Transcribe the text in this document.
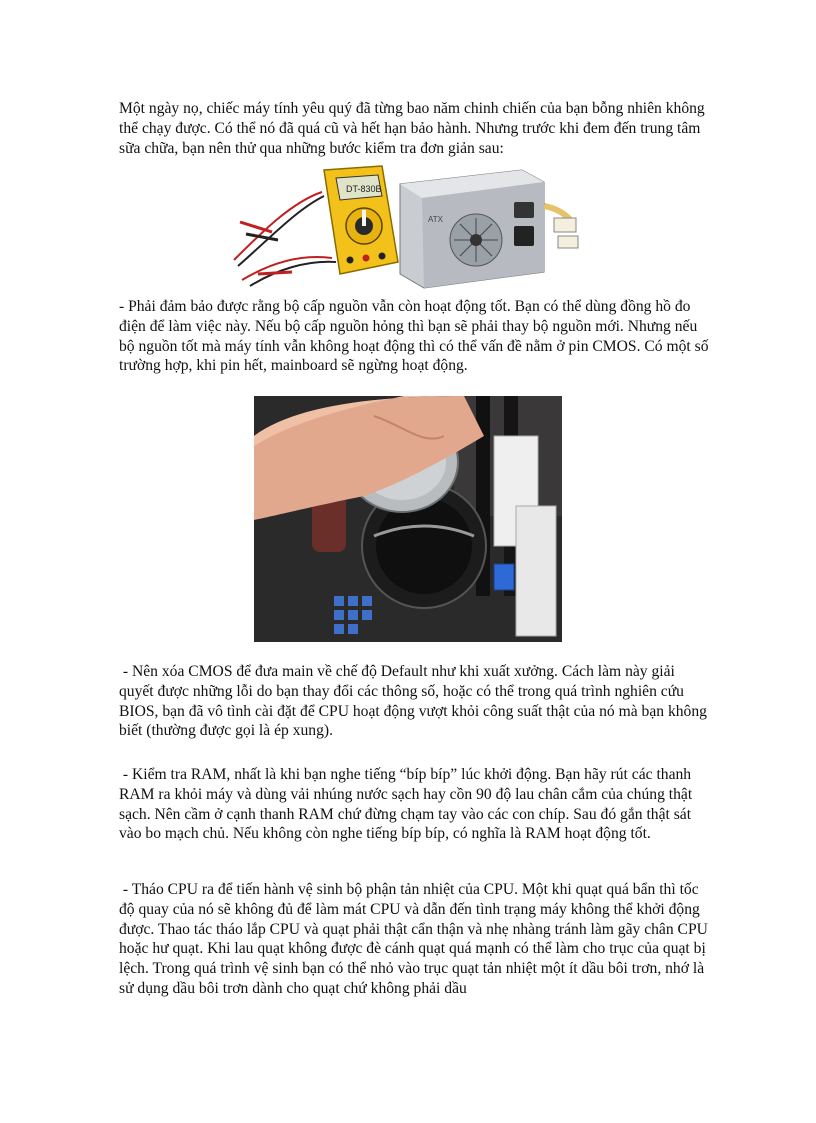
Một ngày nọ, chiếc máy tính yêu quý đã từng bao năm chinh chiến của bạn bỗng nhiên không thể chạy được. Có thể nó đã quá cũ và hết hạn bảo hành. Nhưng trước khi đem đến trung tâm sữa chữa, bạn nên thử qua những bước kiểm tra đơn giản sau:

DT-830B
ATX

- Phải đảm bảo được rằng bộ cấp nguồn vẫn còn hoạt động tốt. Bạn có thể dùng đồng hồ đo điện để làm việc này. Nếu bộ cấp nguồn hỏng thì bạn sẽ phải thay bộ nguồn mới. Nhưng nếu bộ nguồn tốt mà máy tính vẫn không hoạt động thì có thể vấn đề nằm ở pin CMOS. Có một số trường hợp, khi pin hết, mainboard sẽ ngừng hoạt động.

- Nên xóa CMOS để đưa main về chế độ Default như khi xuất xưởng. Cách làm này giải quyết được những lỗi do bạn thay đổi các thông số, hoặc có thể trong quá trình nghiên cứu BIOS, bạn đã vô tình cài đặt để CPU hoạt động vượt khỏi công suất thật của nó mà bạn không biết (thường được gọi là ép xung).

- Kiểm tra RAM, nhất là khi bạn nghe tiếng “bíp bíp” lúc khởi động. Bạn hãy rút các thanh RAM ra khỏi máy và dùng vải nhúng nước sạch hay cồn 90 độ lau chân cắm của chúng thật sạch. Nên cầm ở cạnh thanh RAM chứ đừng chạm tay vào các con chíp. Sau đó gắn thật sát vào bo mạch chủ. Nếu không còn nghe tiếng bíp bíp, có nghĩa là RAM hoạt động tốt.

- Tháo CPU ra để tiến hành vệ sinh bộ phận tản nhiệt của CPU. Một khi quạt quá bẩn thì tốc độ quay của nó sẽ không đủ để làm mát CPU và dẫn đến tình trạng máy không thể khởi động được. Thao tác tháo lắp CPU và quạt phải thật cẩn thận và nhẹ nhàng tránh làm gãy chân CPU hoặc hư quạt. Khi lau quạt không được đè cánh quạt quá mạnh có thể làm cho trục của quạt bị lệch. Trong quá trình vệ sinh bạn có thể nhỏ vào trục quạt tản nhiệt một ít dầu bôi trơn, nhớ là sử dụng dầu bôi trơn dành cho quạt chứ không phải dầu
